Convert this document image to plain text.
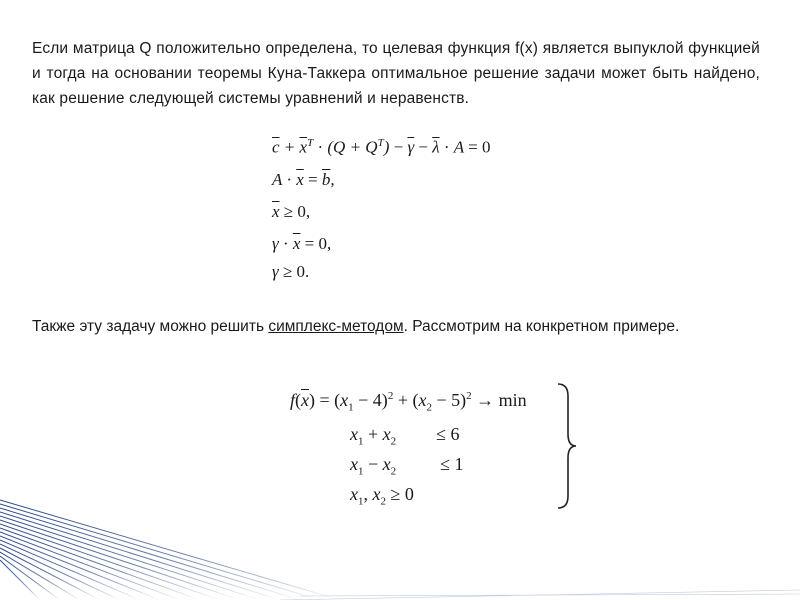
Если матрица Q положительно определена, то целевая функция f(x) является выпуклой функцией и тогда на основании теоремы Куна-Таккера оптимальное решение задачи может быть найдено, как решение следующей системы уравнений и неравенств.
$\overline{c} + \overline{x}^T \cdot (Q + Q^T) - \overline{\gamma} - \overline{\lambda} \cdot A = 0$
$A \cdot \overline{x} = \overline{b}$,
$\overline{x} \ge 0$,
$\gamma \cdot \overline{x} = 0$,
γ ≥ 0.
Также эту задачу можно решить симплекс-методом. Рассмотрим на конкретном примере.
$f(\overline{x}) = (x_1 - 4)^2 + (x_2 - 5)^2 \to \min$
$x_1 + x_2 \le 6$
$x_1 - x_2 \le 1$
$x_1$, $x_2 \ge 0$
